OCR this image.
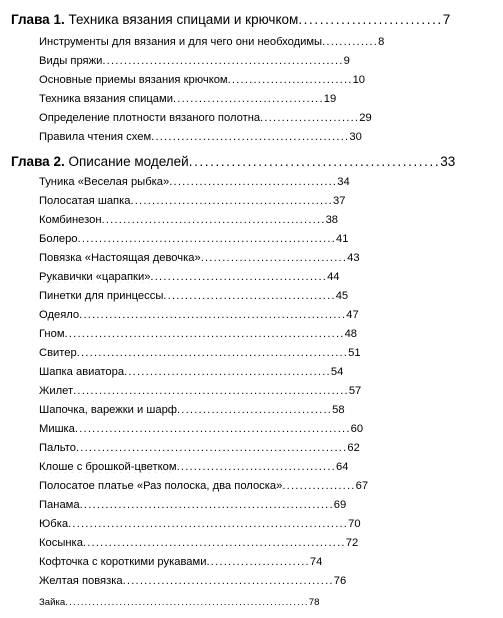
Глава 1. Техника вязания спицами и крючком...........................7
Инструменты для вязания и для чего они необходимы.............8
Виды пряжи........................................................9
Основные приемы вязания крючком.............................10
Техника вязания спицами...................................19
Определение плотности вязаного полотна.......................29
Правила чтения схем..............................................30
Глава 2. Описание моделей...............................................33
Туника «Веселая рыбка».......................................34
Полосатая шапка...............................................37
Комбинезон....................................................38
Болеро............................................................41
Повязка «Настоящая девочка»..................................43
Рукавички «царапки».........................................44
Пинетки для принцессы........................................45
Одеяло..............................................................47
Гном.................................................................48
Свитер...............................................................51
Шапка авиатора................................................54
Жилет................................................................57
Шапочка, варежки и шарф....................................58
Мишка................................................................60
Пальто...............................................................62
Клоше с брошкой-цветком.....................................64
Полосатое платье «Раз полоска, два полоска».................67
Панама...........................................................69
Юбка.................................................................70
Косынка.............................................................72
Кофточка с короткими рукавами........................74
Желтая повязка.................................................76
Зайка...............................................................78
